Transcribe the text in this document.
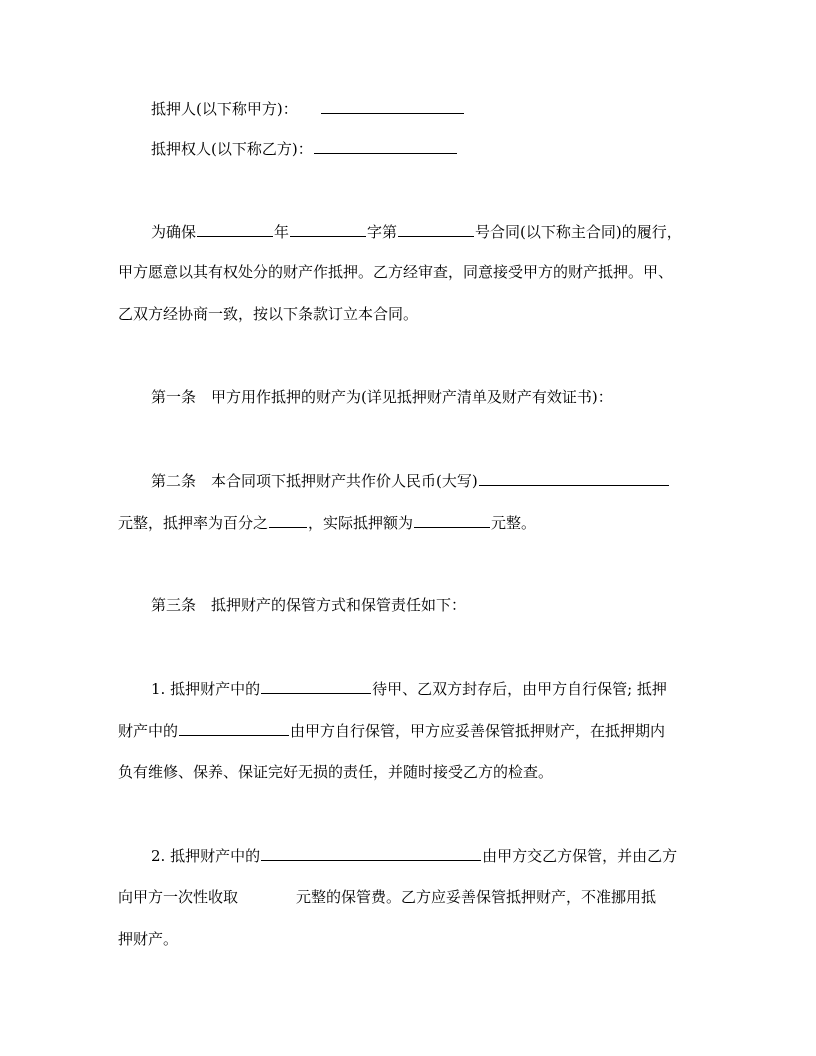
抵押人(以下称甲方)：
抵押权人(以下称乙方)：
为确保	年	字第	号合同(以下称主合同)的履行，
甲方愿意以其有权处分的财产作抵押。乙方经审查，同意接受甲方的财产抵押。甲、
乙双方经协商一致，按以下条款订立本合同。
第一条　甲方用作抵押的财产为(详见抵押财产清单及财产有效证书)：
第二条　本合同项下抵押财产共作价人民币(大写)
元整，抵押率为百分之	，实际抵押额为	元整。
第三条　抵押财产的保管方式和保管责任如下：
1. 抵押财产中的	待甲、乙双方封存后，由甲方自行保管; 抵押
财产中的	由甲方自行保管，甲方应妥善保管抵押财产，在抵押期内
负有维修、保养、保证完好无损的责任，并随时接受乙方的检查。
2. 抵押财产中的	由甲方交乙方保管，并由乙方
向甲方一次性收取	元整的保管费。乙方应妥善保管抵押财产，不准挪用抵
押财产。
